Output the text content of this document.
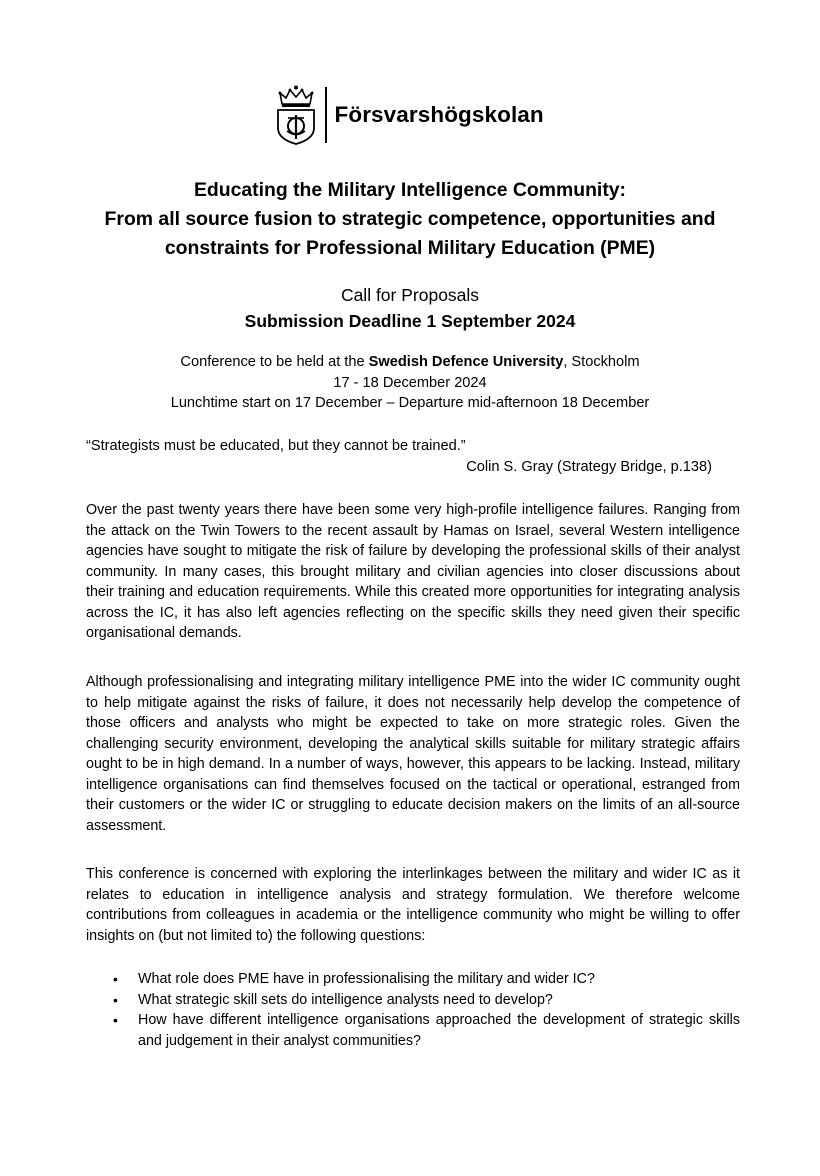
Försvarshögskolan
Educating the Military Intelligence Community:
From all source fusion to strategic competence, opportunities and
constraints for Professional Military Education (PME)
Call for Proposals
Submission Deadline 1 September 2024
Conference to be held at the Swedish Defence University, Stockholm
17 - 18 December 2024
Lunchtime start on 17 December – Departure mid-afternoon 18 December
“Strategists must be educated, but they cannot be trained.”
Colin S. Gray (Strategy Bridge, p.138)

Over the past twenty years there have been some very high-profile intelligence failures. Ranging from the attack on the Twin Towers to the recent assault by Hamas on Israel, several Western intelligence agencies have sought to mitigate the risk of failure by developing the professional skills of their analyst community. In many cases, this brought military and civilian agencies into closer discussions about their training and education requirements. While this created more opportunities for integrating analysis across the IC, it has also left agencies reflecting on the specific skills they need given their specific organisational demands.

Although professionalising and integrating military intelligence PME into the wider IC community ought to help mitigate against the risks of failure, it does not necessarily help develop the competence of those officers and analysts who might be expected to take on more strategic roles. Given the challenging security environment, developing the analytical skills suitable for military strategic affairs ought to be in high demand. In a number of ways, however, this appears to be lacking. Instead, military intelligence organisations can find themselves focused on the tactical or operational, estranged from their customers or the wider IC or struggling to educate decision makers on the limits of an all-source assessment.

This conference is concerned with exploring the interlinkages between the military and wider IC as it relates to education in intelligence analysis and strategy formulation. We therefore welcome contributions from colleagues in academia or the intelligence community who might be willing to offer insights on (but not limited to) the following questions:

• What role does PME have in professionalising the military and wider IC?
• What strategic skill sets do intelligence analysts need to develop?
• How have different intelligence organisations approached the development of strategic skills and judgement in their analyst communities?
